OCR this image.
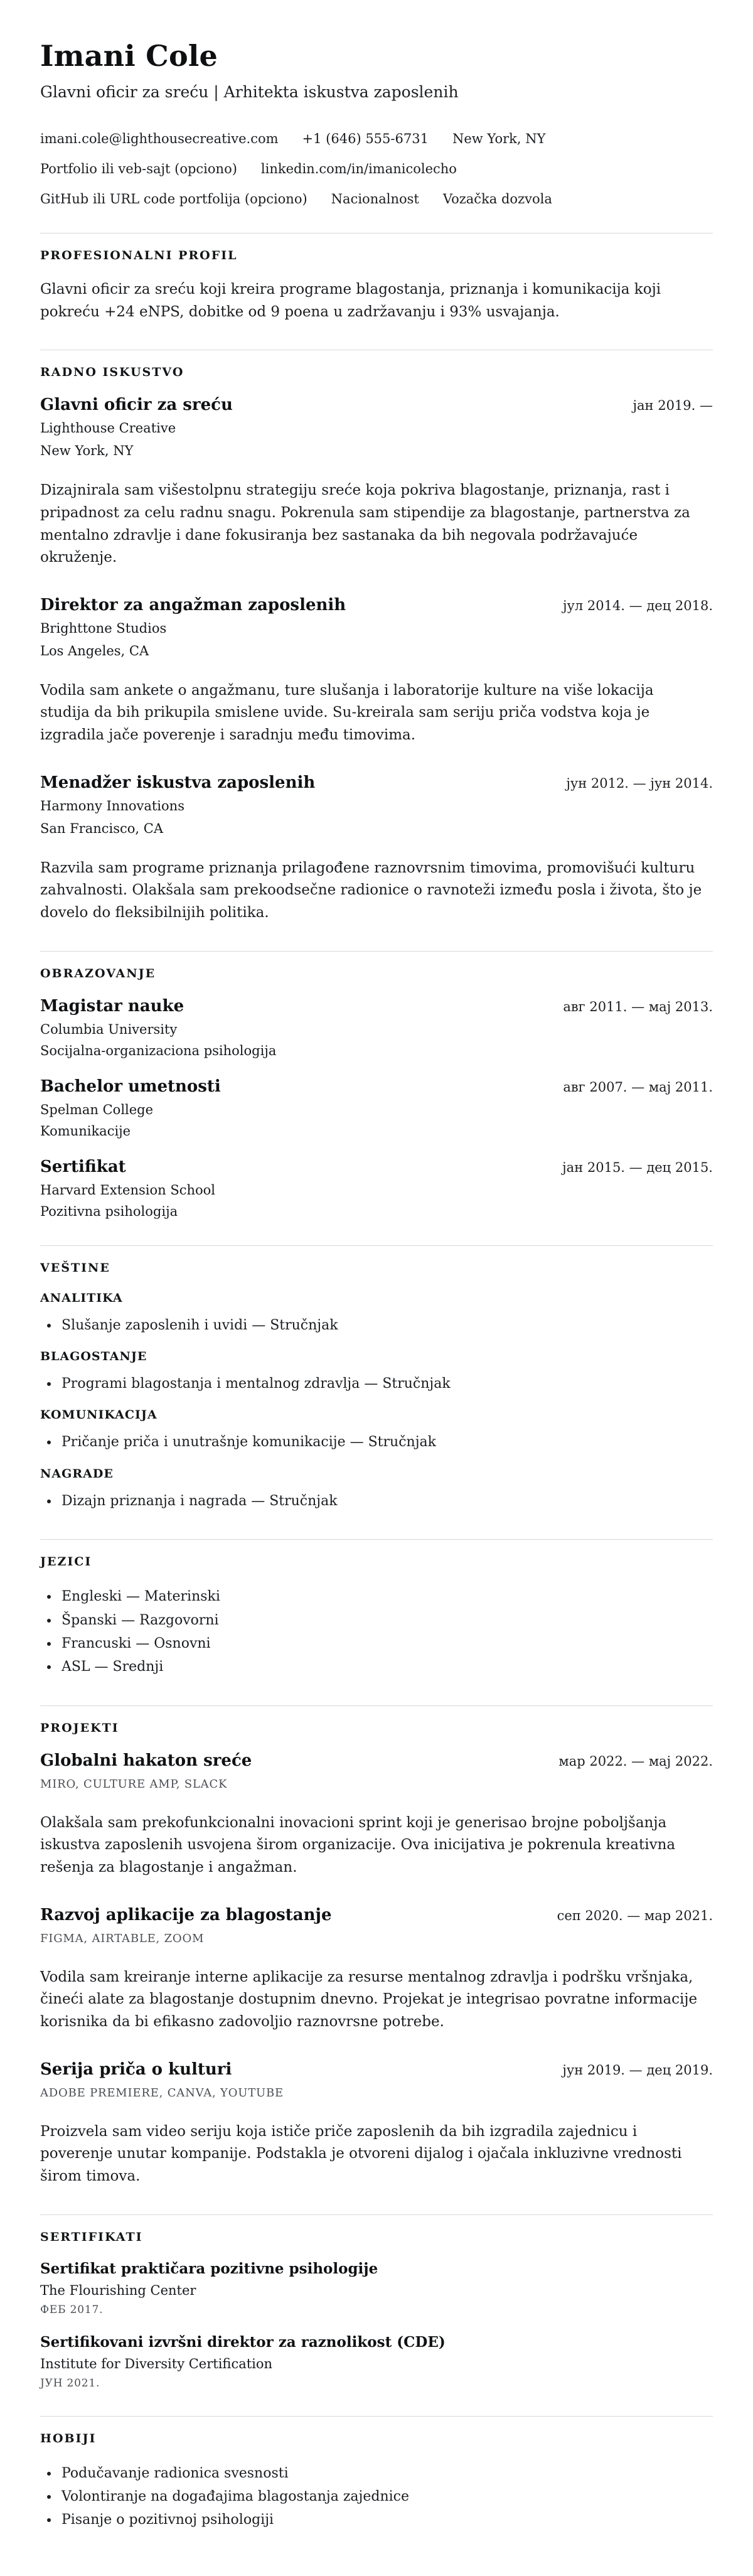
Imani Cole

Glavni oficir za sreću | Arhitekta iskustva zaposlenih

imani.cole@lighthousecreative.com +1 (646) 555-6731 New York, NY
Portfolio ili veb-sajt (opciono) linkedin.com/in/imanicolecho
GitHub ili URL code portfolija (opciono) Nacionalnost Vozačka dozvola
PROFESIONALNI PROFIL

Glavni oficir za sreću koji kreira programe blagostanja, priznanja i komunikacija koji pokreću +24 eNPS, dobitke od 9 poena u zadržavanju i 93% usvajanja.

RADNO ISKUSTVO
Glavni oficir za sreću	јан 2019. —

Lighthouse Creative

New York, NY

Dizajnirala sam višestolpnu strategiju sreće koja pokriva blagostanje, priznanja, rast i pripadnost za celu radnu snagu. Pokrenula sam stipendije za blagostanje, partnerstva za mentalno zdravlje i dane fokusiranja bez sastanaka da bih negovala podržavajuće okruženje.

Direktor za angažman zaposlenih	јул 2014. — дец 2018.

Brighttone Studios

Los Angeles, CA

Vodila sam ankete o angažmanu, ture slušanja i laboratorije kulture na više lokacija studija da bih prikupila smislene uvide. Su-kreirala sam seriju priča vodstva koja je izgradila jače poverenje i saradnju među timovima.

Menadžer iskustva zaposlenih	јун 2012. — јун 2014.

Harmony Innovations

San Francisco, CA

Razvila sam programe priznanja prilagođene raznovrsnim timovima, promovišući kulturu zahvalnosti. Olakšala sam prekoodsečne radionice o ravnoteži između posla i života, što je dovelo do fleksibilnijih politika.

OBRAZOVANJE
Magistar nauke	авг 2011. — мај 2013.

Columbia University

Socijalna-organizaciona psihologija

Bachelor umetnosti	авг 2007. — мај 2011.

Spelman College

Komunikacije

Sertifikat	јан 2015. — дец 2015.

Harvard Extension School

Pozitivna psihologija

VEŠTINE
ANALITIKA
• Slušanje zaposlenih i uvidi — Stručnjak
BLAGOSTANJE
• Programi blagostanja i mentalnog zdravlja — Stručnjak
KOMUNIKACIJA
• Pričanje priča i unutrašnje komunikacije — Stručnjak
NAGRADE
• Dizajn priznanja i nagrada — Stručnjak
JEZICI
• Engleski — Materinski
• Španski — Razgovorni
• Francuski — Osnovni
• ASL — Srednji
PROJEKTI
Globalni hakaton sreće	мар 2022. — мај 2022.

MIRO, CULTURE AMP, SLACK

Olakšala sam prekofunkcionalni inovacioni sprint koji je generisao brojne poboljšanja iskustva zaposlenih usvojena širom organizacije. Ova inicijativa je pokrenula kreativna rešenja za blagostanje i angažman.

Razvoj aplikacije za blagostanje	сеп 2020. — мар 2021.

FIGMA, AIRTABLE, ZOOM

Vodila sam kreiranje interne aplikacije za resurse mentalnog zdravlja i podršku vršnjaka, čineći alate za blagostanje dostupnim dnevno. Projekat je integrisao povratne informacije korisnika da bi efikasno zadovoljio raznovrsne potrebe.

Serija priča o kulturi	јун 2019. — дец 2019.

ADOBE PREMIERE, CANVA, YOUTUBE

Proizvela sam video seriju koja ističe priče zaposlenih da bih izgradila zajednicu i poverenje unutar kompanije. Podstakla je otvoreni dijalog i ojačala inkluzivne vrednosti širom timova.

SERTIFIKATI
Sertifikat praktičara pozitivne psihologije

The Flourishing Center

ФЕБ 2017.

Sertifikovani izvršni direktor za raznolikost (CDE)

Institute for Diversity Certification

ЈУН 2021.

HOBIJI
• Podučavanje radionica svesnosti
• Volontiranje na događajima blagostanja zajednice
• Pisanje o pozitivnoj psihologiji
